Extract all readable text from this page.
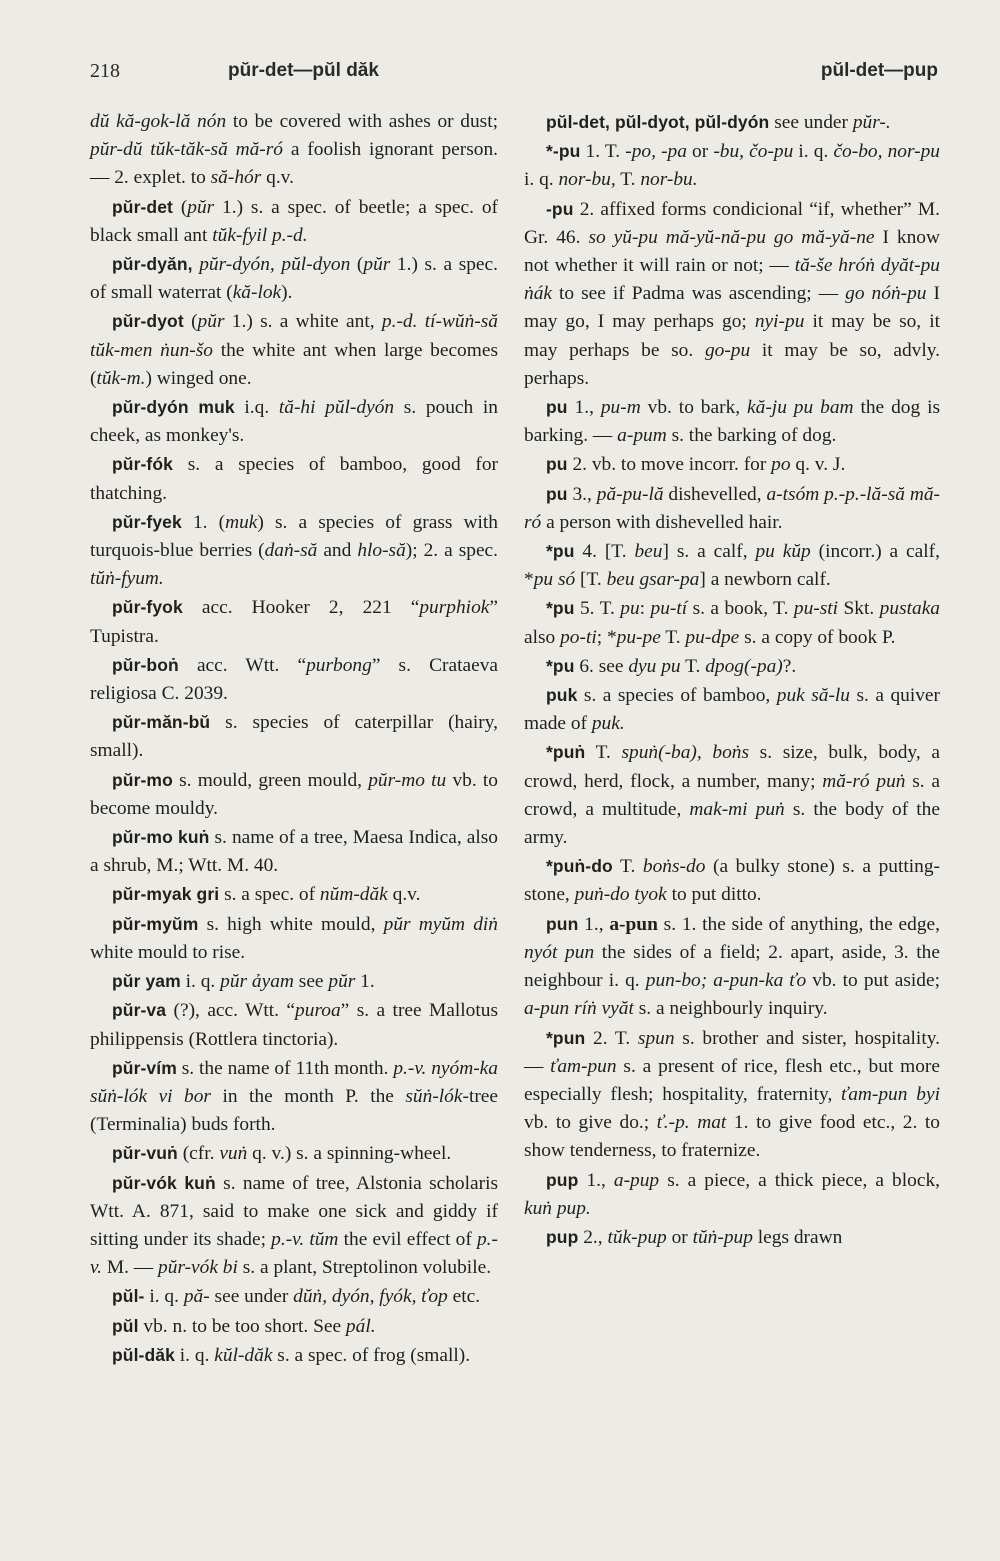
218	pŭr-det—pŭl dăk	pŭl-det—pup

dŭ kă-gok-lă nón to be covered with ashes or dust; pŭr-dŭ tŭk-tăk-să mă-ró a foolish ignorant person. — 2. explet. to să-hór q.v.

pŭr-det (pŭr 1.) s. a spec. of beetle; a spec. of black small ant tŭk-fyil p.-d.

pŭr-dyăn, pŭr-dyón, pŭl-dyon (pŭr 1.) s. a spec. of small waterrat (kă-lok).

pŭr-dyot (pŭr 1.) s. a white ant, p.-d. tí-wŭṅ-să tŭk-men ṅun-šo the white ant when large becomes (tŭk-m.) winged one.

pŭr-dyón muk i.q. tă-hi pŭl-dyón s. pouch in cheek, as monkey's.

pŭr-fók s. a species of bamboo, good for thatching.

pŭr-fyek 1. (muk) s. a species of grass with turquois-blue berries (daṅ-să and hlo-să); 2. a spec. tŭṅ-fyum.

pŭr-fyok acc. Hooker 2, 221 “purphiok” Tupistra.

pŭr-boṅ acc. Wtt. “purbong” s. Crataeva religiosa C. 2039.

pŭr-măn-bŭ s. species of caterpillar (hairy, small).

pŭr-mo s. mould, green mould, pŭr-mo tu vb. to become mouldy.

pŭr-mo kuṅ s. name of a tree, Maesa Indica, also a shrub, M.; Wtt. M. 40.

pŭr-myak gri s. a spec. of nŭm-dăk q.v.

pŭr-myŭm s. high white mould, pŭr myŭm diṅ white mould to rise.

pŭr yam i. q. pŭr ảyam see pŭr 1.

pŭr-va (?), acc. Wtt. “puroa” s. a tree Mallotus philippensis (Rottlera tinctoria).

pŭr-vím s. the name of 11th month. p.-v. nyóm-ka sŭṅ-lók vi bor in the month P. the sŭṅ-lók-tree (Terminalia) buds forth.

pŭr-vuṅ (cfr. vuṅ q. v.) s. a spinning-wheel.

pŭr-vók kuṅ s. name of tree, Alstonia scholaris Wtt. A. 871, said to make one sick and giddy if sitting under its shade; p.-v. tŭm the evil effect of p.-v. M. — pŭr-vók bi s. a plant, Streptolinon volubile.

pŭl- i. q. pă- see under dŭṅ, dyón, fyók, ťop etc.

pŭl vb. n. to be too short. See pál.

pŭl-dăk i. q. kŭl-dăk s. a spec. of frog (small).

pŭl-det, pŭl-dyot, pŭl-dyón see under pŭr-.

*-pu 1. T. -po, -pa or -bu, čo-pu i. q. čo-bo, nor-pu i. q. nor-bu, T. nor-bu.

-pu 2. affixed forms condicional “if, whether” M. Gr. 46. so yŭ-pu mă-yŭ-nă-pu go mă-yă-ne I know not whether it will rain or not; — tă-še hróṅ dyăt-pu ṅák to see if Padma was ascending; — go nóṅ-pu I may go, I may perhaps go; nyi-pu it may be so, it may perhaps be so. go-pu it may be so, advly. perhaps.

pu 1., pu-m vb. to bark, kă-ju pu bam the dog is barking. — a-pum s. the barking of dog.

pu 2. vb. to move incorr. for po q. v. J.

pu 3., pă-pu-lă dishevelled, a-tsóm p.-p.-lă-să mă-ró a person with dishevelled hair.

*pu 4. [T. beu] s. a calf, pu kŭp (incorr.) a calf, *pu só [T. beu gsar-pa] a newborn calf.

*pu 5. T. pu: pu-tí s. a book, T. pu-sti Skt. pustaka also po-ti; *pu-pe T. pu-dpe s. a copy of book P.

*pu 6. see dyu pu T. dpog(-pa)?.

puk s. a species of bamboo, puk să-lu s. a quiver made of puk.

*puṅ T. spuṅ(-ba), boṅs s. size, bulk, body, a crowd, herd, flock, a number, many; mă-ró puṅ s. a crowd, a multitude, mak-mi puṅ s. the body of the army.

*puṅ-do T. boṅs-do (a bulky stone) s. a putting-stone, puṅ-do tyok to put ditto.

pun 1., a-pun s. 1. the side of anything, the edge, nyót pun the sides of a field; 2. apart, aside, 3. the neighbour i. q. pun-bo; a-pun-ka ťo vb. to put aside; a-pun ríṅ vyăt s. a neighbourly inquiry.

*pun 2. T. spun s. brother and sister, hospitality. — ťam-pun s. a present of rice, flesh etc., but more especially flesh; hospitality, fraternity, ťam-pun byi vb. to give do.; ť.-p. mat 1. to give food etc., 2. to show tenderness, to fraternize.

pup 1., a-pup s. a piece, a thick piece, a block, kuṅ pup.

pup 2., tŭk-pup or tŭṅ-pup legs drawn
